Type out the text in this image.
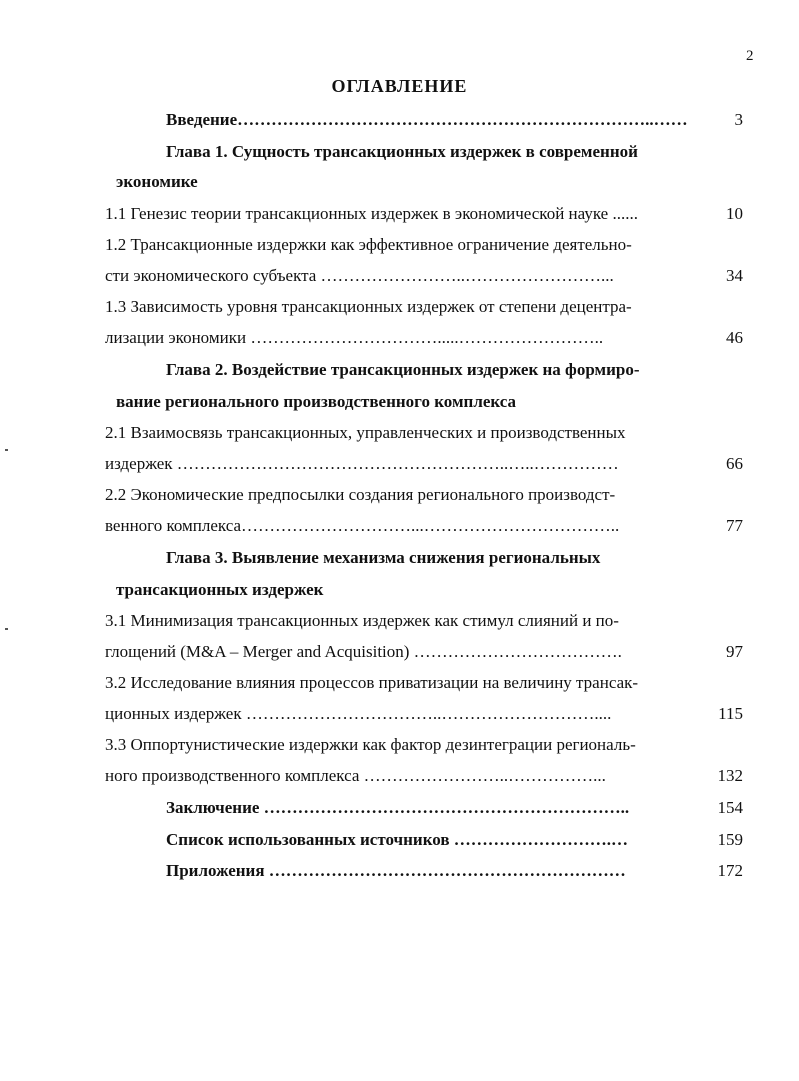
2
ОГЛАВЛЕНИЕ
Введение………………………………………………………………..……	3
Глава 1. Сущность трансакционных издержек в современной
экономике
1.1 Генезис теории трансакционных издержек в экономической науке ......	10
1.2 Трансакционные издержки как эффективное ограничение деятельно-
сти экономического субъекта ……………………..……………………...	34
1.3 Зависимость уровня трансакционных издержек от степени децентра-
лизации экономики …………………………….....……………………..	46
Глава 2. Воздействие трансакционных издержек на формиро-
вание регионального производственного комплекса
2.1 Взаимосвязь трансакционных, управленческих и производственных
издержек …………………………………………………..…..……………	66
2.2 Экономические предпосылки создания регионального производст-
венного комплекса…………………………...……………………………..	77
Глава 3. Выявление механизма снижения региональных
трансакционных издержек
3.1 Минимизация трансакционных издержек как стимул слияний и по-
глощений (M&A – Merger and Acquisition) ……………………………….	97
3.2 Исследование влияния процессов приватизации на величину трансак-
ционных издержек ……………………………..………………………....	115
3.3 Оппортунистические издержки как фактор дезинтеграции региональ-
ного производственного комплекса ……………………..……………...	132
Заключение ………………………………………………………..	154
Список использованных источников ……………………….…	159
Приложения ………………………………………………………	172
